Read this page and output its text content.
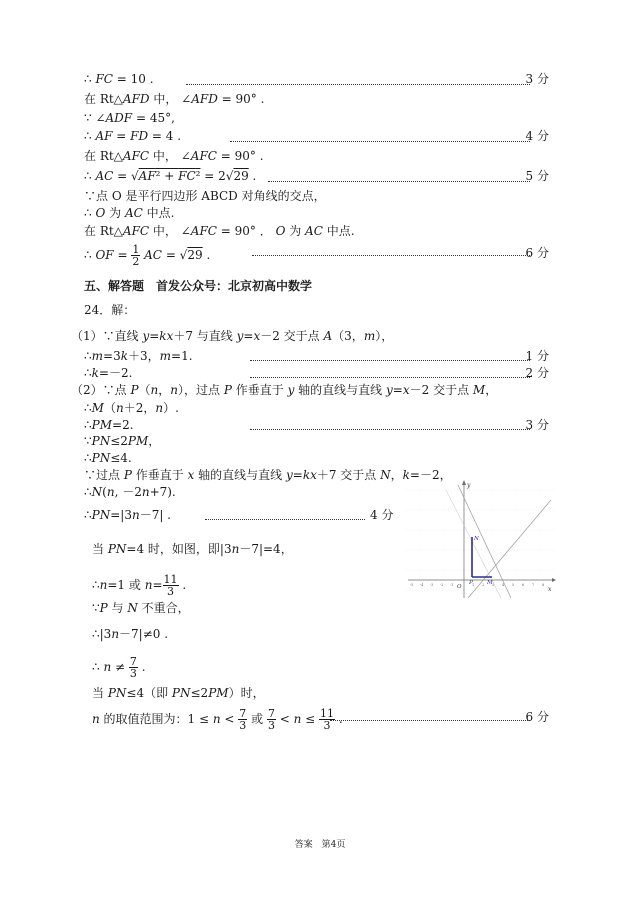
∴ FC = 10 .	3 分
在 Rt△AFD 中， ∠AFD = 90° .
∵ ∠ADF = 45°,
∴ AF = FD = 4 .	4 分
在 Rt△AFC 中， ∠AFC = 90° .
∴ AC = √AF² + FC² = 2√29 .	5 分
∵点 O 是平行四边形 ABCD 对角线的交点，
∴ O 为 AC 中点.
在 Rt△AFC 中， ∠AFC = 90° ． O 为 AC 中点.
∴ OF = $\frac{1}{2}$ AC = √29 .	6 分
五、解答题　首发公众号：北京初高中数学
24．解：
（1）∵直线 y=kx＋7 与直线 y=x－2 交于点 A（3，m），
∴m=3k＋3，m=1.	1 分
∴k=－2.	2 分
（2）∵点 P（n，n），过点 P 作垂直于 y 轴的直线与直线 y=x－2 交于点 M，
∴M（n＋2，n）.
∴PM=2.	3 分
∵PN≤2PM，
∴PN≤4.
∵过点 P 作垂直于 x 轴的直线与直线 y=kx＋7 交于点 N，k=－2，
∴N(n, －2n+7).
∴PN=|3n－7| .	4 分
当 PN=4 时，如图，即|3n－7|=4，
∴n=1 或 $n= \frac{11}{3}$ .
∵P 与 N 不重合，
∴|3n－7|≠0 .
∴ $n \ne \frac{7}{3}$ .
当 PN≤4（即 PN≤2PM）时，
n 的取值范围为：$1 \le n < \frac{7}{3}$ 或 $\frac{7}{3} < n \le \frac{11}{3}$ .	6 分
x
y
O
-5 -4 -3 -2 -1	1 2 3 4 5 6 7 8
N
P	M
答案　第4页
